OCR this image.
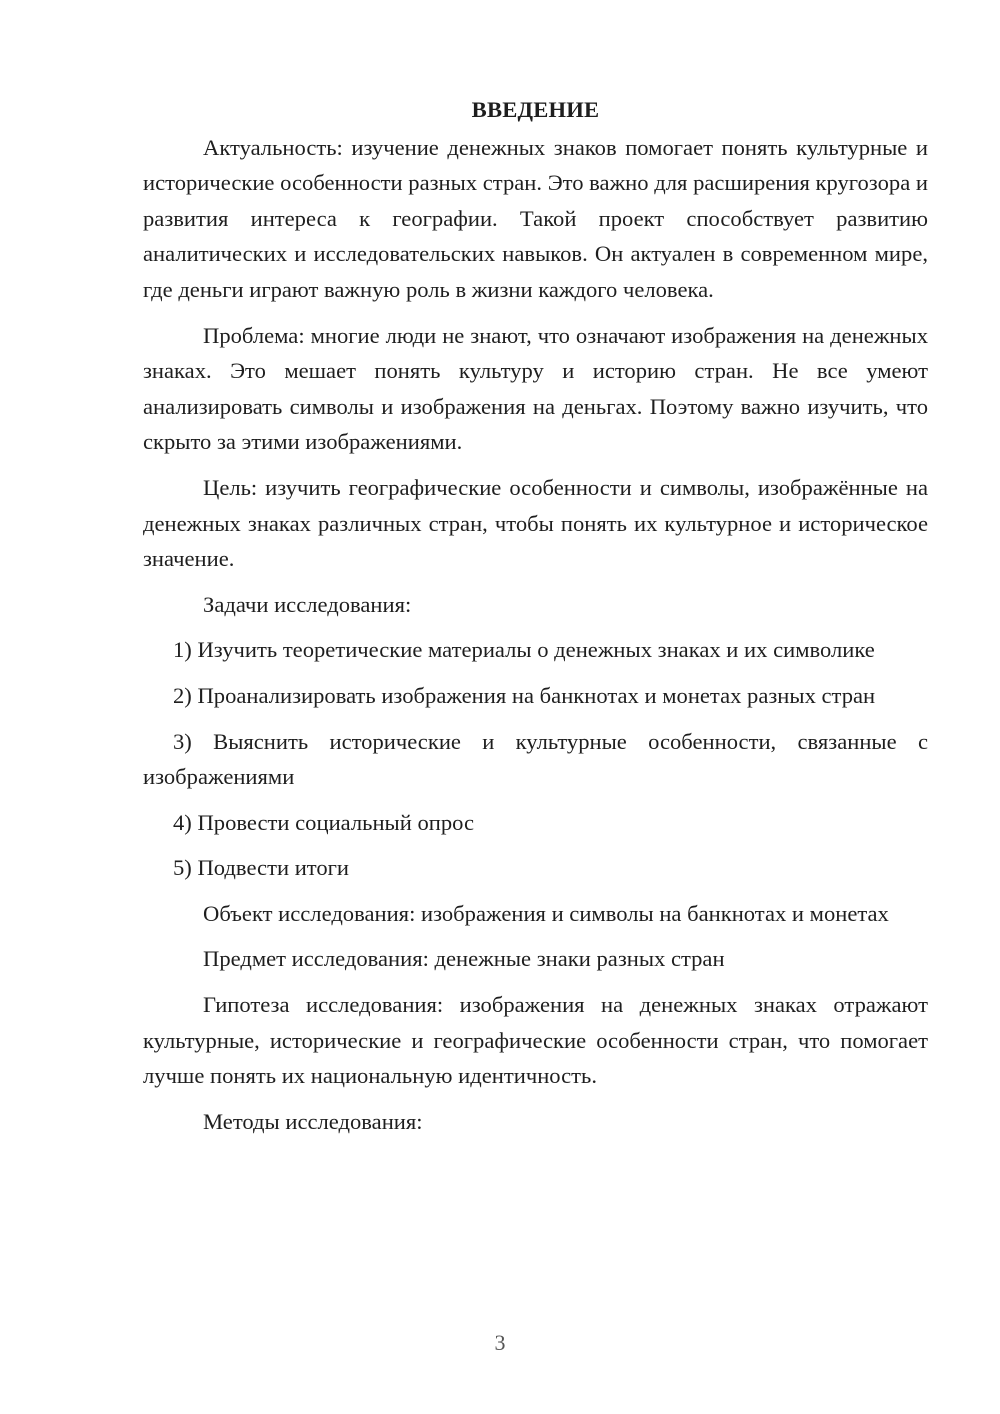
ВВЕДЕНИЕ

Актуальность: изучение денежных знаков помогает понять культурные и исторические особенности разных стран. Это важно для расширения кругозора и развития интереса к географии. Такой проект способствует развитию аналитических и исследовательских навыков. Он актуален в современном мире, где деньги играют важную роль в жизни каждого человека.

Проблема: многие люди не знают, что означают изображения на денежных знаках. Это мешает понять культуру и историю стран. Не все умеют анализировать символы и изображения на деньгах. Поэтому важно изучить, что скрыто за этими изображениями.

Цель: изучить географические особенности и символы, изображённые на денежных знаках различных стран, чтобы понять их культурное и историческое значение.

Задачи исследования:

1) Изучить теоретические материалы о денежных знаках и их символике

2) Проанализировать изображения на банкнотах и монетах разных стран

3) Выяснить исторические и культурные особенности, связанные с изображениями

4) Провести социальный опрос

5) Подвести итоги

Объект исследования: изображения и символы на банкнотах и монетах

Предмет исследования: денежные знаки разных стран

Гипотеза исследования: изображения на денежных знаках отражают культурные, исторические и географические особенности стран, что помогает лучше понять их национальную идентичность.

Методы исследования:

3
